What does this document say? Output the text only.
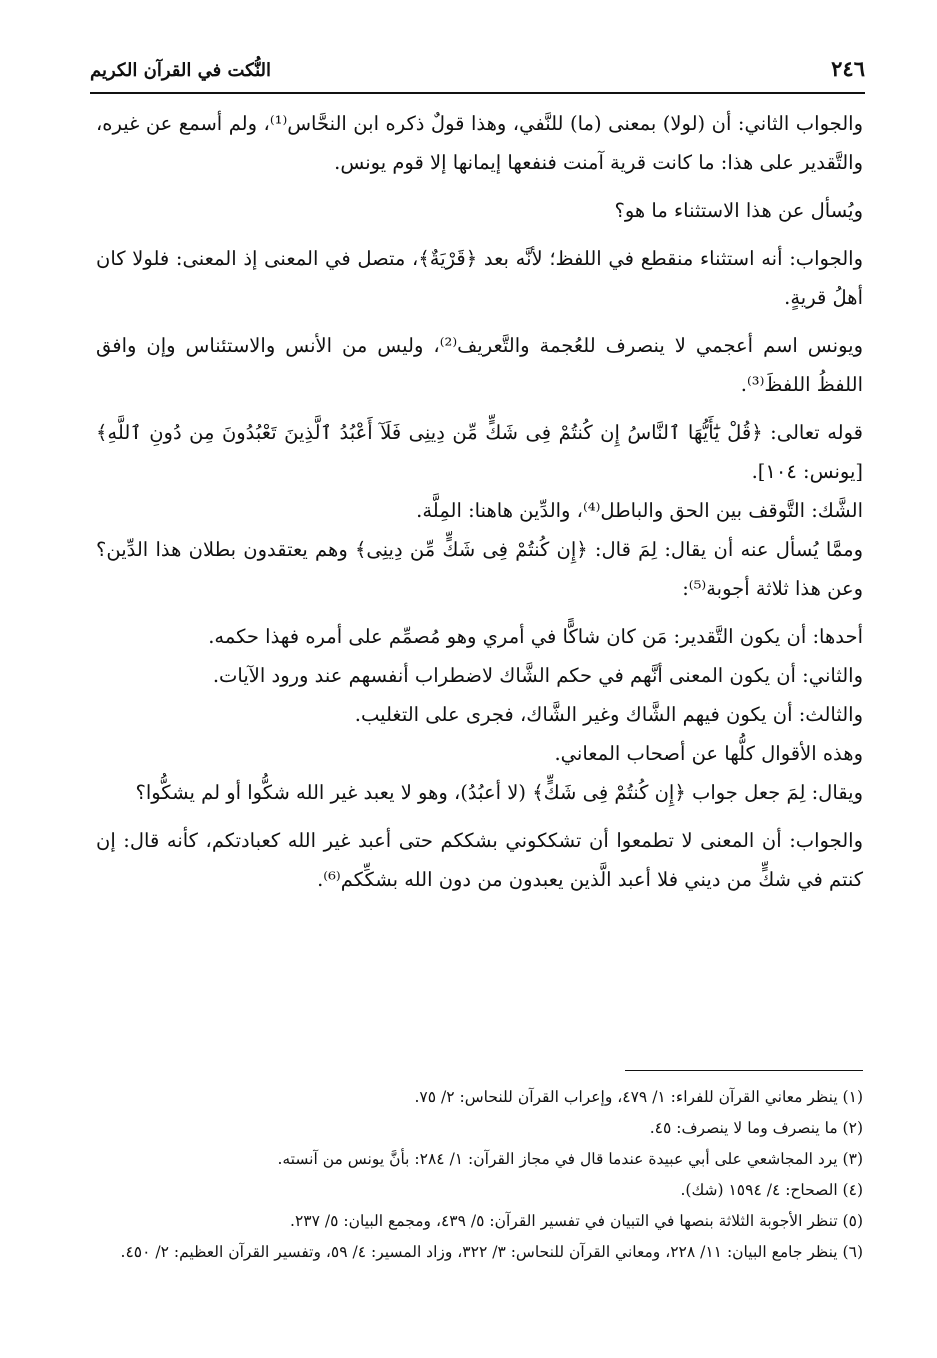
٢٤٦
النُّكت في القرآن الكريم

والجواب الثاني: أن (لولا) بمعنى (ما) للنَّفي، وهذا قولٌ ذكره ابن النحَّاس⁽¹⁾، ولم أسمع عن غيره، والتَّقدير على هذا: ما كانت قرية آمنت فنفعها إيمانها إلا قوم يونس.

ويُسأل عن هذا الاستثناء ما هو؟

والجواب: أنه استثناء منقطع في اللفظ؛ لأنَّه بعد ﴿قَرْيَةٌ﴾، متصل في المعنى إذ المعنى: فلولا كان أهلُ قريةٍ.

ويونس اسم أعجمي لا ينصرف للعُجمة والتَّعريف⁽²⁾، وليس من الأنس والاستئناس وإن وافق اللفظُ اللفظَ⁽³⁾.

قوله تعالى: ﴿قُلْ يَٰٓأَيُّهَا ٱلنَّاسُ إِن كُنتُمْ فِى شَكٍّ مِّن دِينِى فَلَآ أَعْبُدُ ٱلَّذِينَ تَعْبُدُونَ مِن دُونِ ٱللَّهِ﴾ [يونس: ١٠٤].

الشَّك: التَّوقف بين الحق والباطل⁽⁴⁾، والدِّين هاهنا: المِلَّة.

وممَّا يُسأل عنه أن يقال: لِمَ قال: ﴿إِن كُنتُمْ فِى شَكٍّ مِّن دِينِى﴾ وهم يعتقدون بطلان هذا الدِّين؟ وعن هذا ثلاثة أجوبة⁽⁵⁾:

أحدها: أن يكون التَّقدير: مَن كان شاكًّا في أمري وهو مُصمِّم على أمره فهذا حكمه.

والثاني: أن يكون المعنى أنَّهم في حكم الشَّاك لاضطراب أنفسهم عند ورود الآيات.

والثالث: أن يكون فيهم الشَّاك وغير الشَّاك، فجرى على التغليب.

وهذه الأقوال كلُّها عن أصحاب المعاني.

ويقال: لِمَ جعل جواب ﴿إِن كُنتُمْ فِى شَكٍّ﴾ (لا أعبُدُ)، وهو لا يعبد غير الله شكُّوا أو لم يشكُّوا؟

والجواب: أن المعنى لا تطمعوا أن تشككوني بشككم حتى أعبد غير الله كعبادتكم، كأنه قال: إن كنتم في شكٍّ من ديني فلا أعبد الَّذين يعبدون من دون الله بشكِّكم⁽⁶⁾.

(١) ينظر معاني القرآن للفراء: ١/ ٤٧٩، وإعراب القرآن للنحاس: ٢/ ٧٥.

(٢) ما ينصرف وما لا ينصرف: ٤٥.

(٣) يرد المجاشعي على أبي عبيدة عندما قال في مجاز القرآن: ١/ ٢٨٤: بأنَّ يونس من آنسته.

(٤) الصحاح: ٤/ ١٥٩٤ (شك).

(٥) تنظر الأجوبة الثلاثة بنصها في التبيان في تفسير القرآن: ٥/ ٤٣٩، ومجمع البيان: ٥/ ٢٣٧.

(٦) ينظر جامع البيان: ١١/ ٢٢٨، ومعاني القرآن للنحاس: ٣/ ٣٢٢، وزاد المسير: ٤/ ٥٩، وتفسير القرآن العظيم: ٢/ ٤٥٠.
